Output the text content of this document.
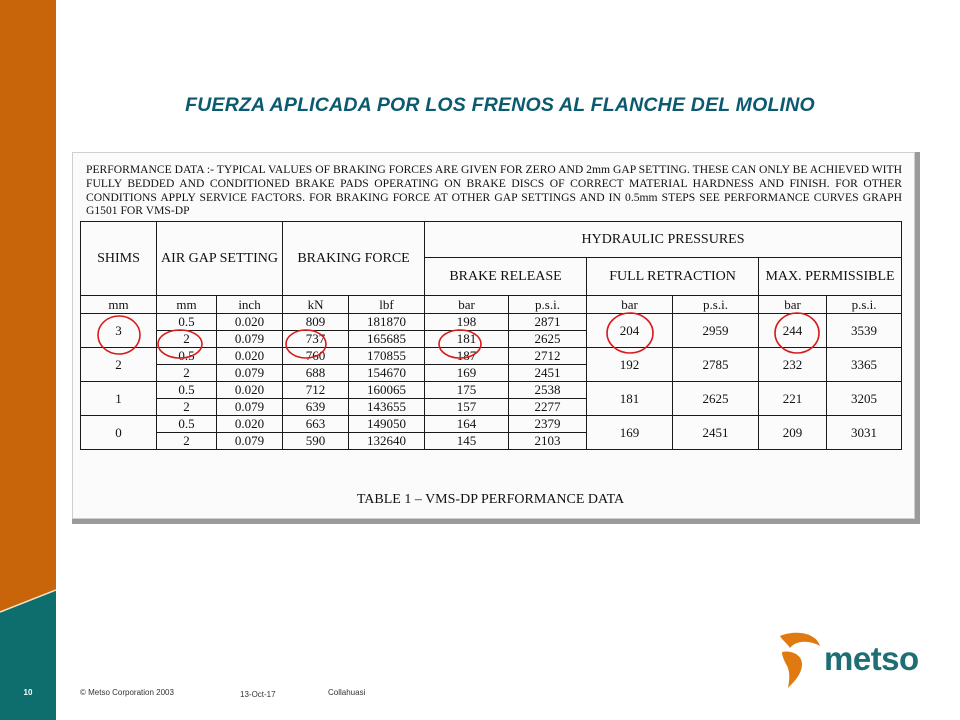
10
FUERZA APLICADA POR LOS FRENOS AL FLANCHE DEL MOLINO
PERFORMANCE DATA :- TYPICAL VALUES OF BRAKING FORCES ARE GIVEN FOR ZERO AND 2mm GAP SETTING. THESE CAN ONLY BE ACHIEVED WITH FULLY BEDDED AND CONDITIONED BRAKE PADS OPERATING ON BRAKE DISCS OF CORRECT MATERIAL HARDNESS AND FINISH. FOR OTHER CONDITIONS APPLY SERVICE FACTORS. FOR BRAKING FORCE AT OTHER GAP SETTINGS AND IN 0.5mm STEPS SEE PERFORMANCE CURVES GRAPH G1501 FOR VMS-DP
SHIMS	AIR GAP SETTING		BRAKING FORCE		HYDRAULIC PRESSURES					
					BRAKE RELEASE		FULL RETRACTION		MAX. PERMISSIBLE	
mm	mm	inch	kN	lbf	bar	p.s.i.	bar	p.s.i.	bar	p.s.i.
3	0.5	0.020	809	181870	198	2871	204	2959	244	3539
	2	0.079	737	165685	181	2625				
2	0.5	0.020	760	170855	187	2712	192	2785	232	3365
	2	0.079	688	154670	169	2451				
1	0.5	0.020	712	160065	175	2538	181	2625	221	3205
	2	0.079	639	143655	157	2277				
0	0.5	0.020	663	149050	164	2379	169	2451	209	3031
	2	0.079	590	132640	145	2103				
TABLE 1 – VMS-DP PERFORMANCE DATA
© Metso Corporation 2003	13-Oct-17	Collahuasi
metso
